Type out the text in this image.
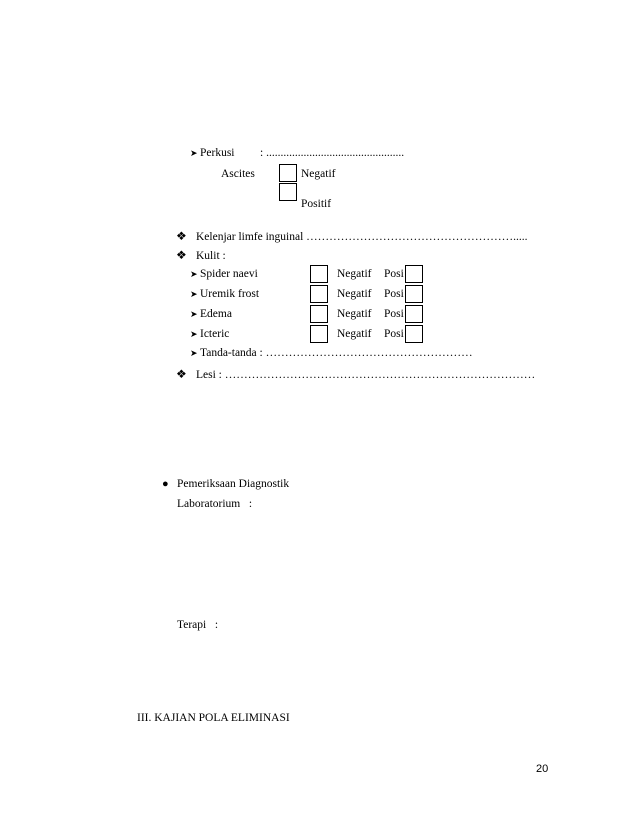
➤ Perkusi : ................................................
Ascites	Negatif
Positif
❖ Kelenjar limfe inguinal ……………………………………………….....
❖ Kulit :
➤ Spider naevi	Negatif Posi
➤ Uremik frost	Negatif Posi
➤ Edema	Negatif Posi
➤ Icteric	Negatif Posi
➤ Tanda-tanda : ………………………………………………
❖ Lesi : ………………………………………………………………………
● Pemeriksaan Diagnostik
Laboratorium   :
Terapi   :
III. KAJIAN POLA ELIMINASI
20
